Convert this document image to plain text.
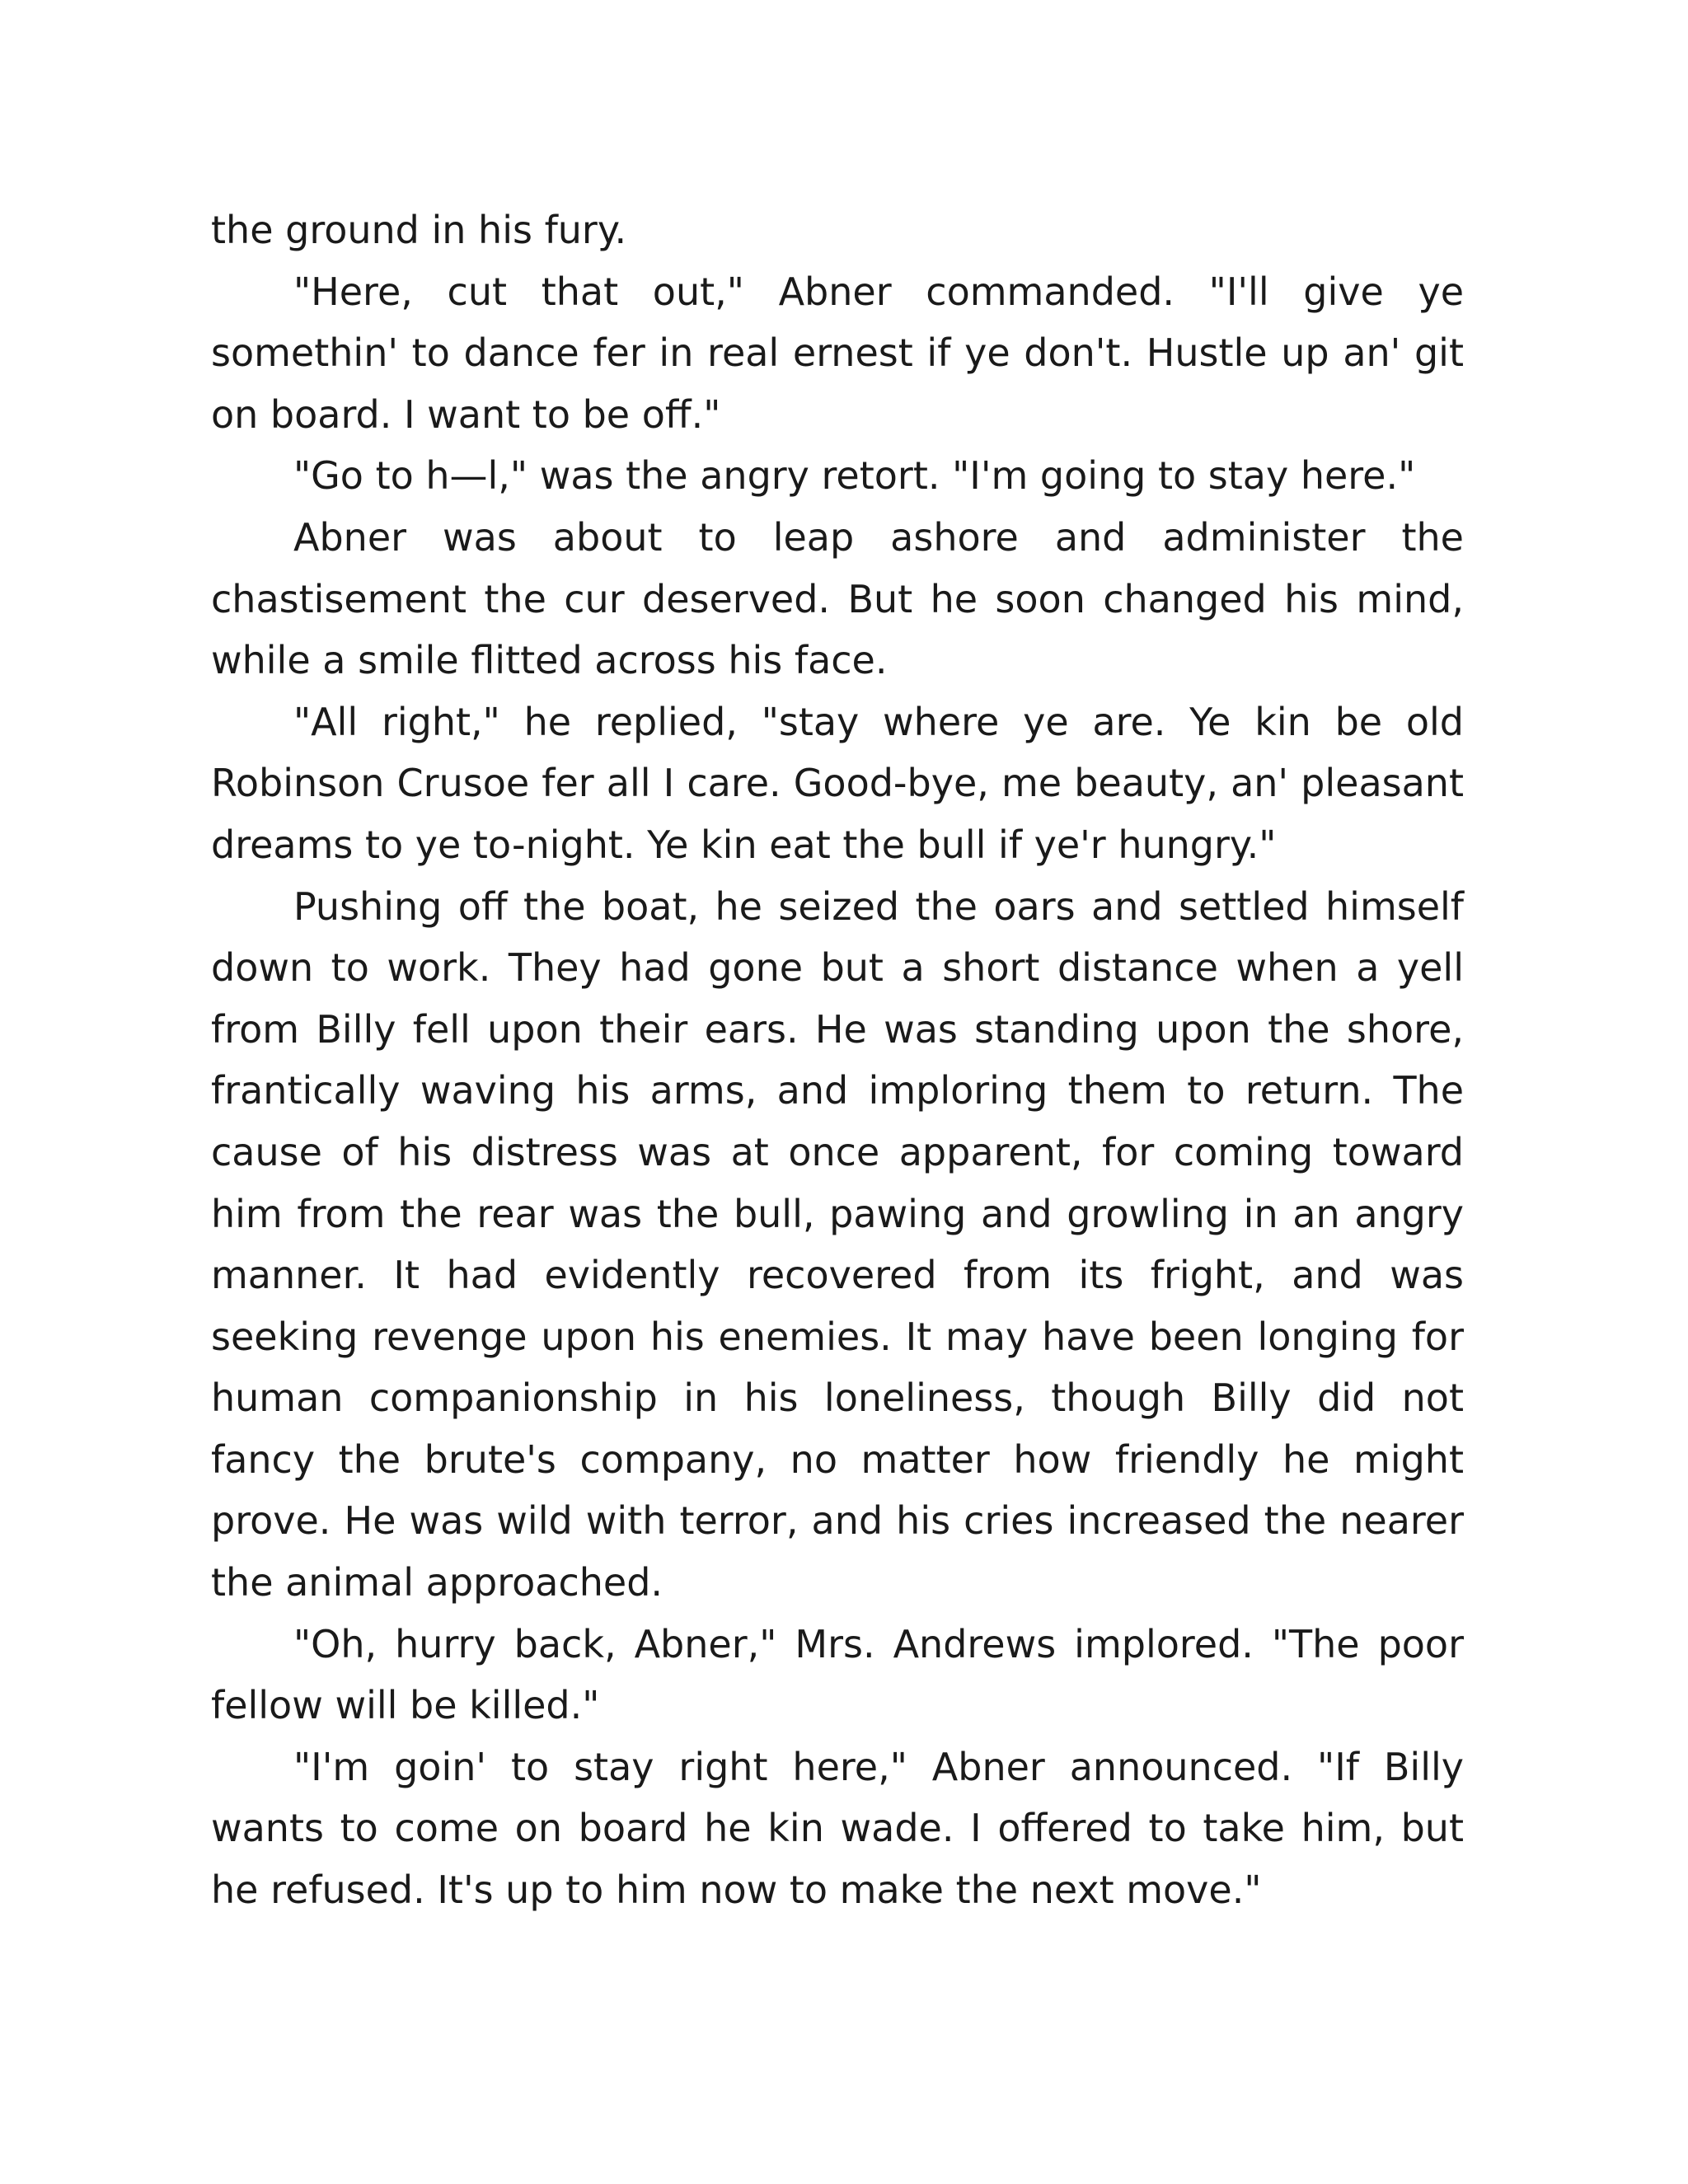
the ground in his fury.

"Here, cut that out," Abner commanded. "I'll give ye somethin' to dance fer in real ernest if ye don't. Hustle up an' git on board. I want to be off."

"Go to h—l," was the angry retort. "I'm going to stay here."

Abner was about to leap ashore and administer the chastisement the cur deserved. But he soon changed his mind, while a smile flitted across his face.

"All right," he replied, "stay where ye are. Ye kin be old Robinson Crusoe fer all I care. Good-bye, me beauty, an' pleasant dreams to ye to-night. Ye kin eat the bull if ye'r hungry."

Pushing off the boat, he seized the oars and settled himself down to work. They had gone but a short distance when a yell from Billy fell upon their ears. He was standing upon the shore, frantically waving his arms, and imploring them to return. The cause of his distress was at once apparent, for coming toward him from the rear was the bull, pawing and growling in an angry manner. It had evidently recovered from its fright, and was seeking revenge upon his enemies. It may have been longing for human companionship in his loneliness, though Billy did not fancy the brute's company, no matter how friendly he might prove. He was wild with terror, and his cries increased the nearer the animal approached.

"Oh, hurry back, Abner," Mrs. Andrews implored. "The poor fellow will be killed."

"I'm goin' to stay right here," Abner announced. "If Billy wants to come on board he kin wade. I offered to take him, but he refused. It's up to him now to make the next move."
